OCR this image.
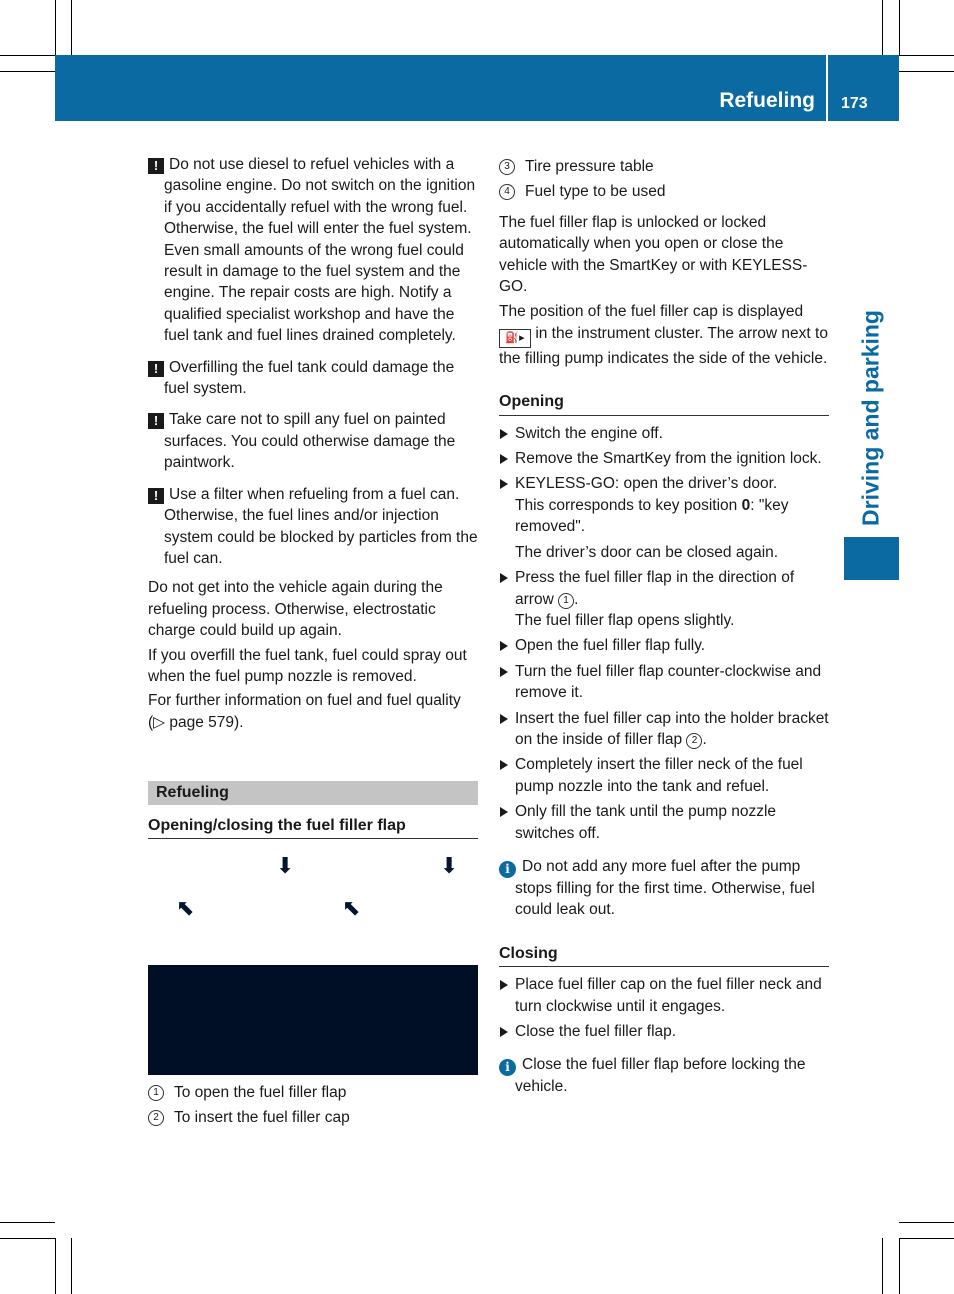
Refueling 173
Driving and parking

! Do not use diesel to refuel vehicles with a gasoline engine. Do not switch on the ignition if you accidentally refuel with the wrong fuel. Otherwise, the fuel will enter the fuel system. Even small amounts of the wrong fuel could result in damage to the fuel system and the engine. The repair costs are high. Notify a qualified specialist workshop and have the fuel tank and fuel lines drained completely.

! Overfilling the fuel tank could damage the fuel system.

! Take care not to spill any fuel on painted surfaces. You could otherwise damage the paintwork.

! Use a filter when refueling from a fuel can. Otherwise, the fuel lines and/or injection system could be blocked by particles from the fuel can.

Do not get into the vehicle again during the refueling process. Otherwise, electrostatic charge could build up again.

If you overfill the fuel tank, fuel could spray out when the fuel pump nozzle is removed.

For further information on fuel and fuel quality (▷ page 579).

Refueling
Opening/closing the fuel filler flap
⬇	⬇
⬉	⬉
1 To open the fuel filler flap
2 To insert the fuel filler cap
3 Tire pressure table
4 Fuel type to be used

The fuel filler flap is unlocked or locked automatically when you open or close the vehicle with the SmartKey or with KEYLESS-GO.

The position of the fuel filler cap is displayed ⛽▸ in the instrument cluster. The arrow next to the filling pump indicates the side of the vehicle.

Opening
Switch the engine off.
Remove the SmartKey from the ignition lock.
KEYLESS-GO: open the driver’s door.
This corresponds to key position 0: "key removed".
The driver’s door can be closed again.
Press the fuel filler flap in the direction of arrow 1 .
The fuel filler flap opens slightly.
Open the fuel filler flap fully.
Turn the fuel filler flap counter-clockwise and remove it.
Insert the fuel filler cap into the holder bracket on the inside of filler flap 2 .
Completely insert the filler neck of the fuel pump nozzle into the tank and refuel.
Only fill the tank until the pump nozzle switches off.

i Do not add any more fuel after the pump stops filling for the first time. Otherwise, fuel could leak out.

Closing
Place fuel filler cap on the fuel filler neck and turn clockwise until it engages.
Close the fuel filler flap.

i Close the fuel filler flap before locking the vehicle.
